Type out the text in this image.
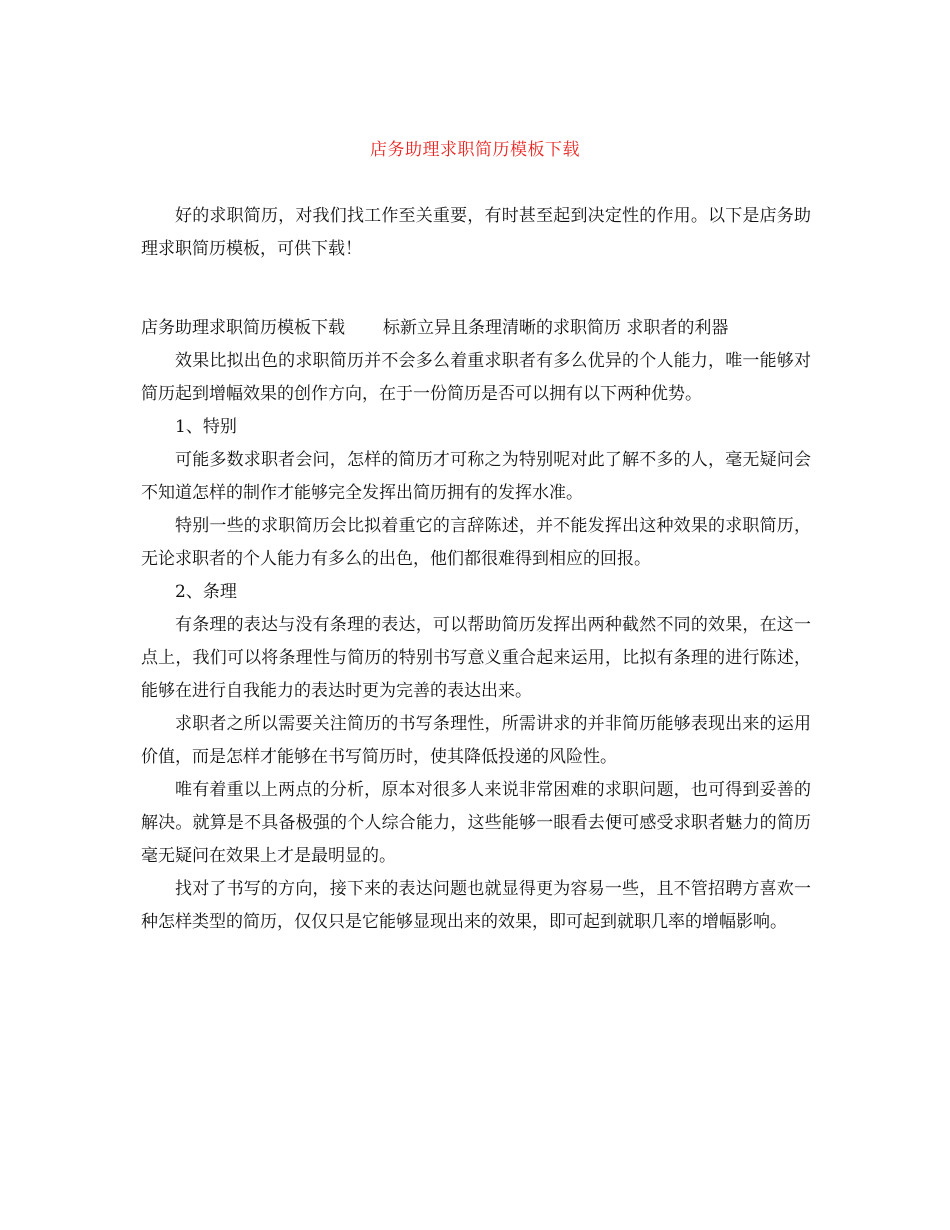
店务助理求职简历模板下载

好的求职简历，对我们找工作至关重要，有时甚至起到决定性的作用。以下是店务助理求职简历模板，可供下载！

店务助理求职简历模板下载 标新立异且条理清晰的求职简历 求职者的利器

效果比拟出色的求职简历并不会多么着重求职者有多么优异的个人能力，唯一能够对简历起到增幅效果的创作方向，在于一份简历是否可以拥有以下两种优势。

1、特别

可能多数求职者会问，怎样的简历才可称之为特别呢对此了解不多的人，毫无疑问会不知道怎样的制作才能够完全发挥出简历拥有的发挥水准。

特别一些的求职简历会比拟着重它的言辞陈述，并不能发挥出这种效果的求职简历，无论求职者的个人能力有多么的出色，他们都很难得到相应的回报。

2、条理

有条理的表达与没有条理的表达，可以帮助简历发挥出两种截然不同的效果，在这一点上，我们可以将条理性与简历的特别书写意义重合起来运用，比拟有条理的进行陈述，能够在进行自我能力的表达时更为完善的表达出来。

求职者之所以需要关注简历的书写条理性，所需讲求的并非简历能够表现出来的运用价值，而是怎样才能够在书写简历时，使其降低投递的风险性。

唯有着重以上两点的分析，原本对很多人来说非常困难的求职问题，也可得到妥善的解决。就算是不具备极强的个人综合能力，这些能够一眼看去便可感受求职者魅力的简历毫无疑问在效果上才是最明显的。

找对了书写的方向，接下来的表达问题也就显得更为容易一些，且不管招聘方喜欢一种怎样类型的简历，仅仅只是它能够显现出来的效果，即可起到就职几率的增幅影响。
